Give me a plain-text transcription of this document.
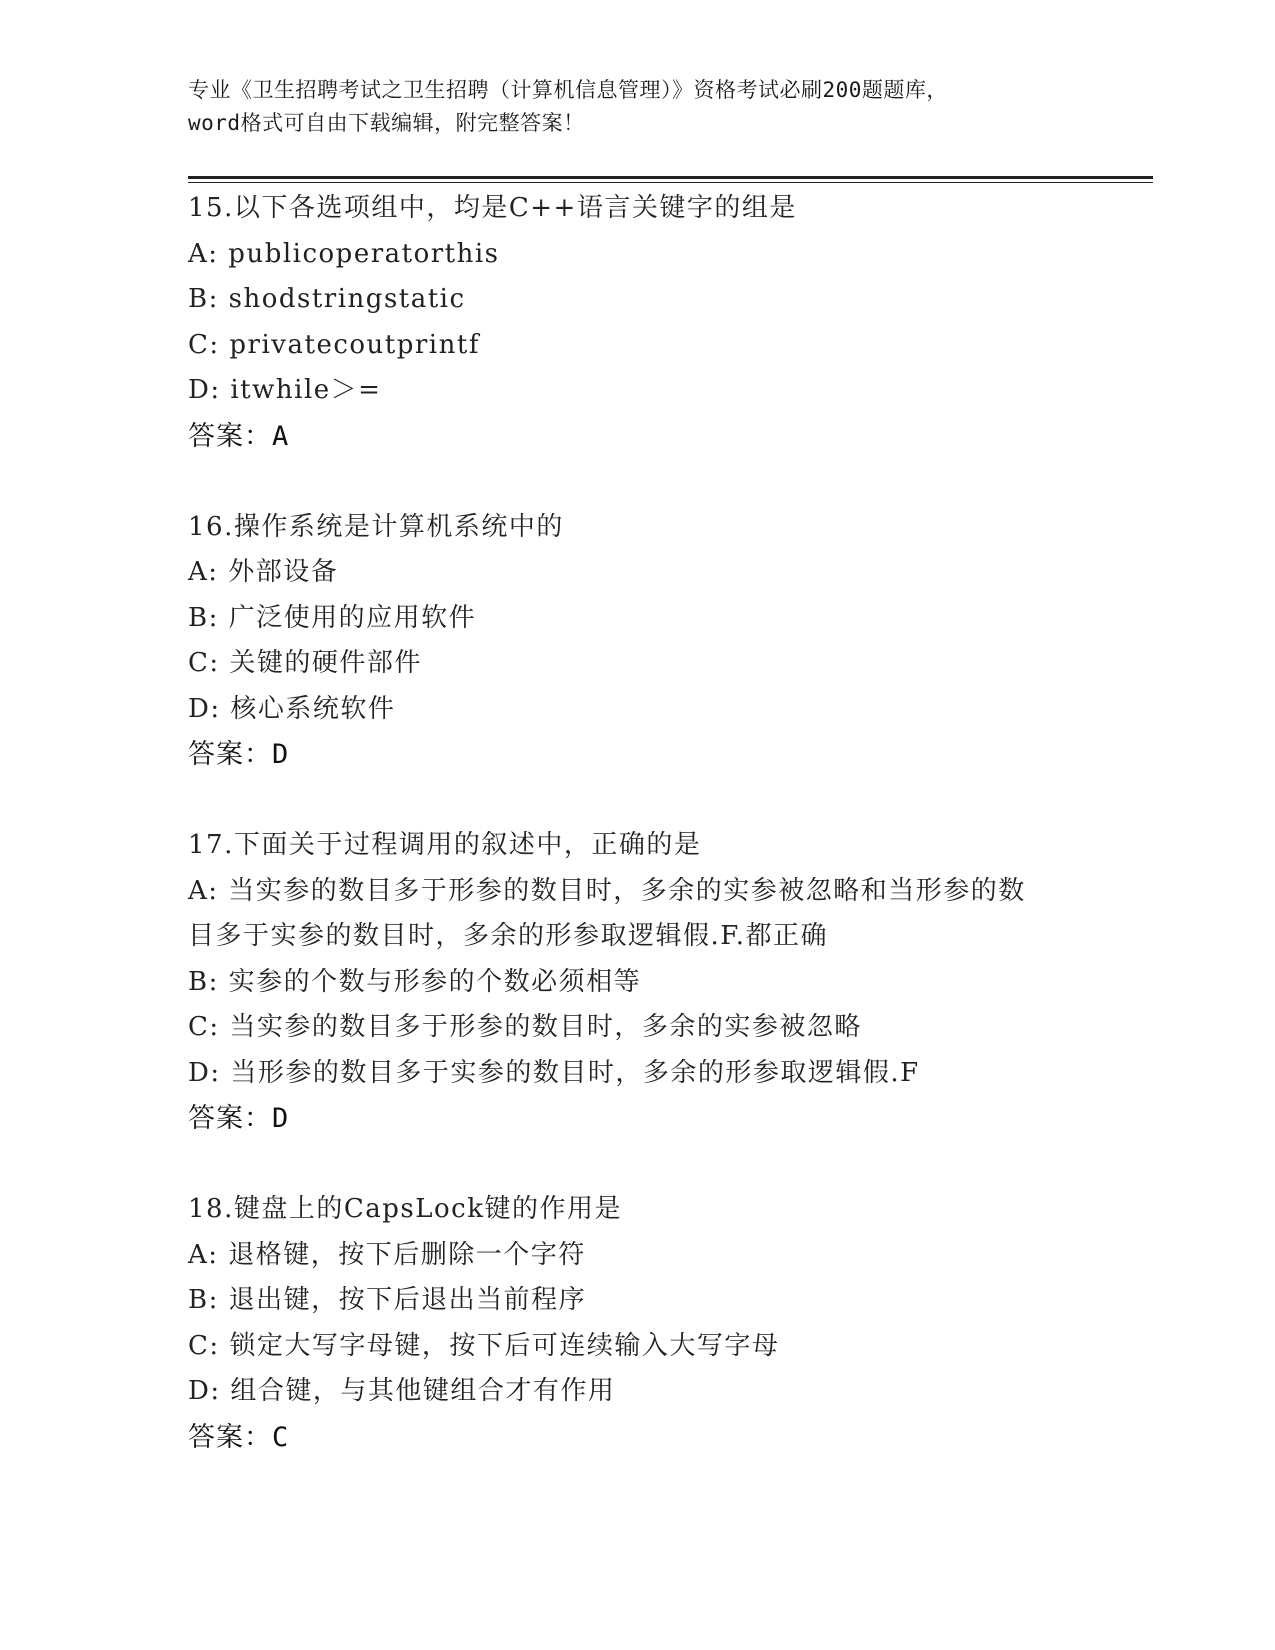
专业《卫生招聘考试之卫生招聘（计算机信息管理）》资格考试必刷200题题库，
word格式可自由下载编辑，附完整答案！
15.以下各选项组中，均是C++语言关键字的组是
A: publicoperatorthis
B: shodstringstatic
C: privatecoutprintf
D: itwhile＞=
答案：A
16.操作系统是计算机系统中的
A: 外部设备
B: 广泛使用的应用软件
C: 关键的硬件部件
D: 核心系统软件
答案：D
17.下面关于过程调用的叙述中，正确的是
A: 当实参的数目多于形参的数目时，多余的实参被忽略和当形参的数
目多于实参的数目时，多余的形参取逻辑假.F.都正确
B: 实参的个数与形参的个数必须相等
C: 当实参的数目多于形参的数目时，多余的实参被忽略
D: 当形参的数目多于实参的数目时，多余的形参取逻辑假.F
答案：D
18.键盘上的CapsLock键的作用是
A: 退格键，按下后删除一个字符
B: 退出键，按下后退出当前程序
C: 锁定大写字母键，按下后可连续输入大写字母
D: 组合键，与其他键组合才有作用
答案：C
